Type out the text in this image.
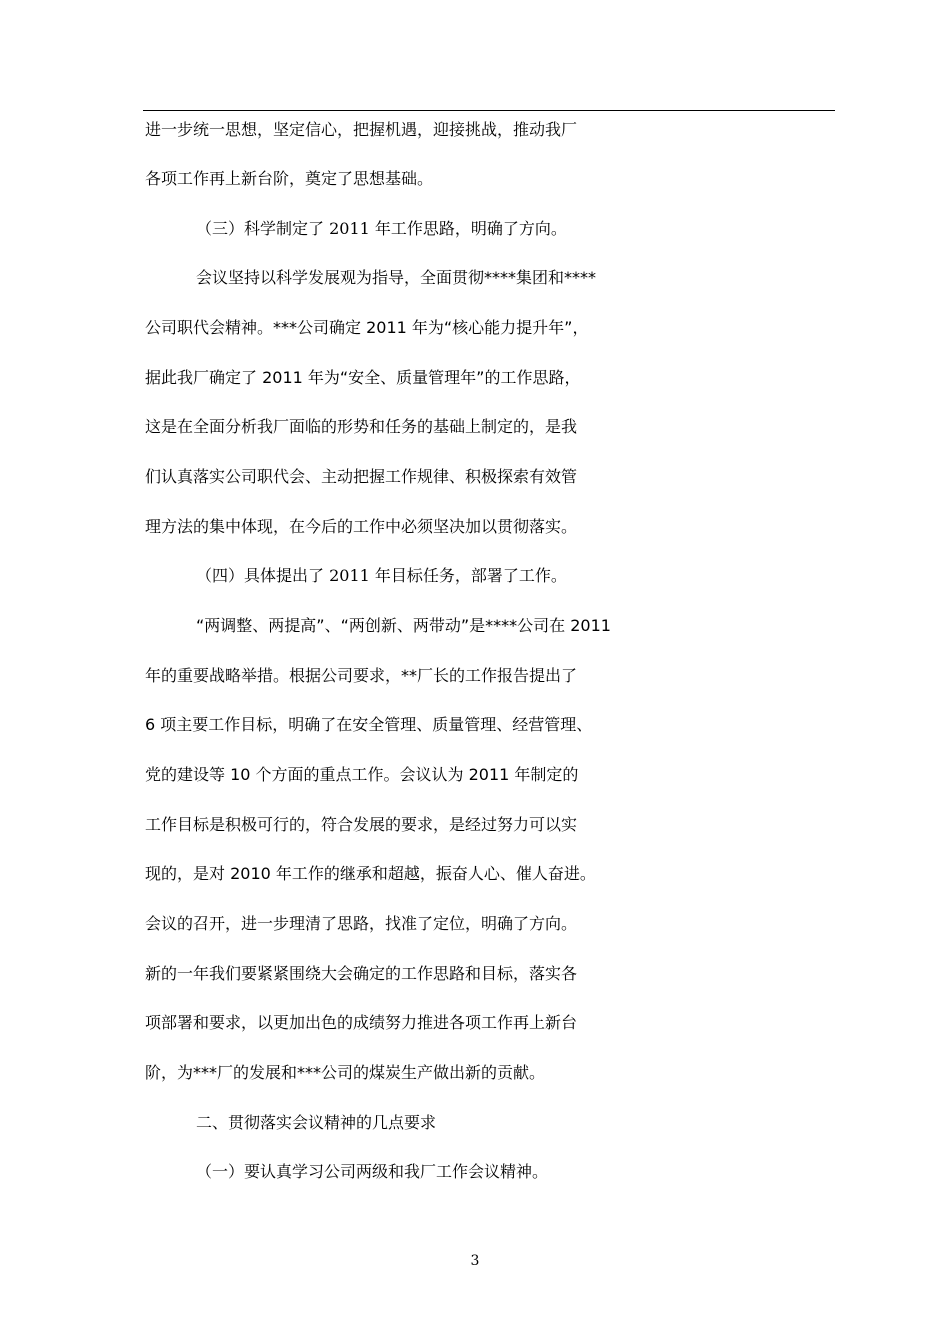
进一步统一思想，坚定信心，把握机遇，迎接挑战，推动我厂
各项工作再上新台阶，奠定了思想基础。
（三）科学制定了 2011 年工作思路，明确了方向。
会议坚持以科学发展观为指导，全面贯彻****集团和****
公司职代会精神。***公司确定 2011 年为“核心能力提升年”，
据此我厂确定了 2011 年为“安全、质量管理年”的工作思路，
这是在全面分析我厂面临的形势和任务的基础上制定的，是我
们认真落实公司职代会、主动把握工作规律、积极探索有效管
理方法的集中体现，在今后的工作中必须坚决加以贯彻落实。
（四）具体提出了 2011 年目标任务，部署了工作。
“两调整、两提高”、“两创新、两带动”是****公司在 2011
年的重要战略举措。根据公司要求，**厂长的工作报告提出了
6 项主要工作目标，明确了在安全管理、质量管理、经营管理、
党的建设等 10 个方面的重点工作。会议认为 2011 年制定的
工作目标是积极可行的，符合发展的要求，是经过努力可以实
现的，是对 2010 年工作的继承和超越，振奋人心、催人奋进。
会议的召开，进一步理清了思路，找准了定位，明确了方向。
新的一年我们要紧紧围绕大会确定的工作思路和目标，落实各
项部署和要求，以更加出色的成绩努力推进各项工作再上新台
阶，为***厂的发展和***公司的煤炭生产做出新的贡献。
二、贯彻落实会议精神的几点要求
（一）要认真学习公司两级和我厂工作会议精神。
3
